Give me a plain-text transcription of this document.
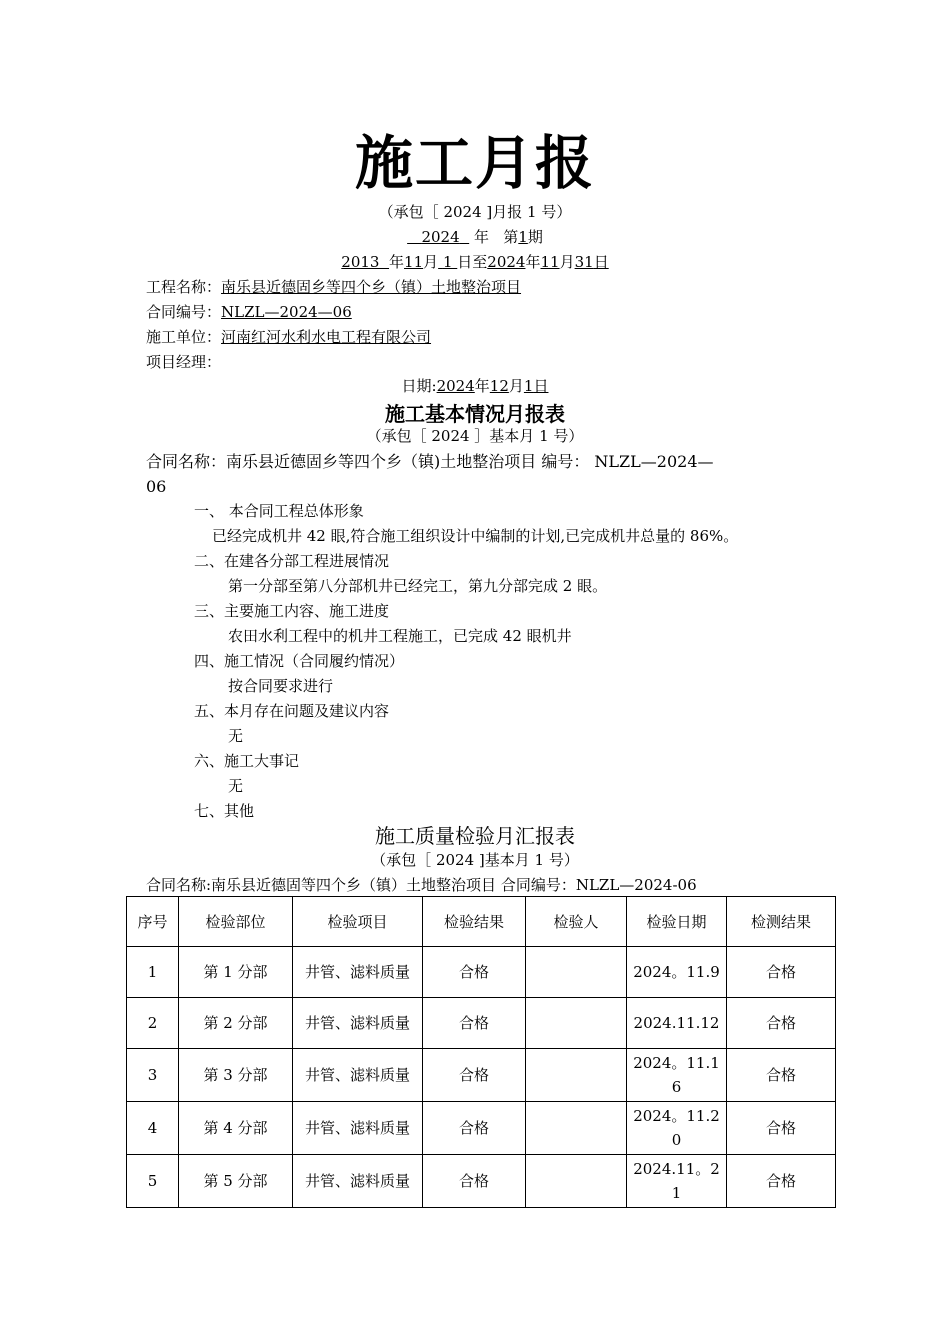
施工月报
（承包［ 2024 ]月报 1 号）
2024 年 第1期
2013 年11月 1 日至2024年11月31日
工程名称：南乐县近德固乡等四个乡（镇）土地整治项目
合同编号：NLZL—2024—06
施工单位：河南红河水利水电工程有限公司
项目经理：
日期:2024年12月1日
施工基本情况月报表
（承包［ 2024 ］基本月 1 号）
合同名称：南乐县近德固乡等四个乡（镇)土地整治项目 编号： NLZL—2024—
06
一、 本合同工程总体形象
已经完成机井 42 眼,符合施工组织设计中编制的计划,已完成机井总量的 86%。
二、在建各分部工程进展情况
第一分部至第八分部机井已经完工，第九分部完成 2 眼。
三、主要施工内容、施工进度
农田水利工程中的机井工程施工，已完成 42 眼机井
四、施工情况（合同履约情况）
按合同要求进行
五、本月存在问题及建议内容
无
六、施工大事记
无
七、其他
施工质量检验月汇报表
（承包［ 2024 ]基本月 1 号）
合同名称:南乐县近德固等四个乡（镇）土地整治项目 合同编号：NLZL—2024-06
序号	检验部位	检验项目	检验结果	检验人	检验日期	检测结果
1	第 1 分部	井管、滤料质量	合格		2024。11.9	合格
2	第 2 分部	井管、滤料质量	合格		2024.11.12	合格
3	第 3 分部	井管、滤料质量	合格		2024。11.16	合格
4	第 4 分部	井管、滤料质量	合格		2024。11.20	合格
5	第 5 分部	井管、滤料质量	合格		2024.11。21	合格
